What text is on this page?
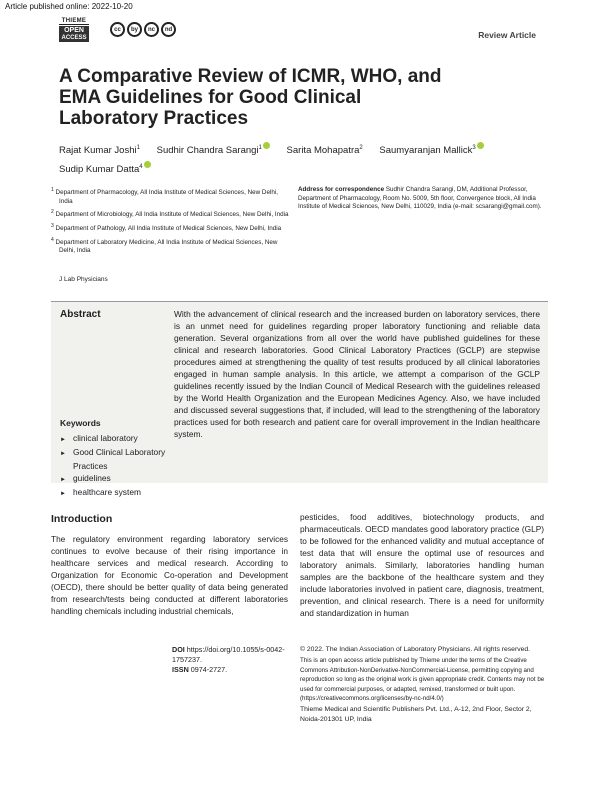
Article published online: 2022-10-20
THIEME
OPEN
ACCESS
cc	by	nc	nd
Review Article
A Comparative Review of ICMR, WHO, and EMA Guidelines for Good Clinical Laboratory Practices
Rajat Kumar Joshi$^1$ Sudhir Chandra Sarangi$^1$	Sarita Mohapatra$^2$ Saumyaranjan Mallick$^3$
Sudip Kumar Datta$^4$
$^1$ Department of Pharmacology, All India Institute of Medical Sciences, New Delhi, India
$^2$ Department of Microbiology, All India Institute of Medical Sciences, New Delhi, India
$^3$ Department of Pathology, All India Institute of Medical Sciences, New Delhi, India
$^4$ Department of Laboratory Medicine, All India Institute of Medical Sciences, New Delhi, India
Address for correspondence Sudhir Chandra Sarangi, DM, Additional Professor, Department of Pharmacology, Room No. 5009, 5th floor, Convergence block, All India Institute of Medical Sciences, New Delhi, 110029, India (e-mail: scsarangi@gmail.com).
J Lab Physicians
Abstract	With the advancement of clinical research and the increased burden on laboratory services, there is an unmet need for guidelines regarding proper laboratory functioning and reliable data generation. Several organizations from all over the world have published guidelines for these clinical and research laboratories. Good Clinical Laboratory Practices (GCLP) are stepwise procedures aimed at strengthening the quality of test results produced by all clinical laboratories engaged in human sample analysis. In this article, we attempt a comparison of the GCLP guidelines recently issued by the Indian Council of Medical Research with the guidelines released by the World Health Organization and the European Medicines Agency. Also, we have included and discussed several suggestions that, if included, will lead to the strengthening of the laboratory practices used for both research and patient care for overall improvement in the Indian healthcare system.

Keywords
► clinical laboratory
► Good Clinical Laboratory Practices
► guidelines
► healthcare system
Introduction

The regulatory environment regarding laboratory services continues to evolve because of their rising importance in healthcare services and medical research. According to Organization for Economic Co-operation and Development (OECD), there should be better quality of data being generated from research/tests being conducted at different laboratories handling chemicals including industrial chemicals,

pesticides, food additives, biotechnology products, and pharmaceuticals. OECD mandates good laboratory practice (GLP) to be followed for the enhanced validity and mutual acceptance of test data that will ensure the optimal use of resources and laboratory animals. Similarly, laboratories handling human samples are the backbone of the healthcare system and they include laboratories involved in patient care, diagnosis, treatment, prevention, and clinical research. There is a need for uniformity and standardization in human

DOI https://doi.org/10.1055/s-0042-1757237.
ISSN 0974-2727.
© 2022. The Indian Association of Laboratory Physicians. All rights reserved.
This is an open access article published by Thieme under the terms of the Creative Commons Attribution-NonDerivative-NonCommercial-License, permitting copying and reproduction so long as the original work is given appropriate credit. Contents may not be used for commercial purposes, or adapted, remixed, transformed or built upon. (https://creativecommons.org/licenses/by-nc-nd/4.0/)
Thieme Medical and Scientific Publishers Pvt. Ltd., A-12, 2nd Floor, Sector 2, Noida-201301 UP, India
